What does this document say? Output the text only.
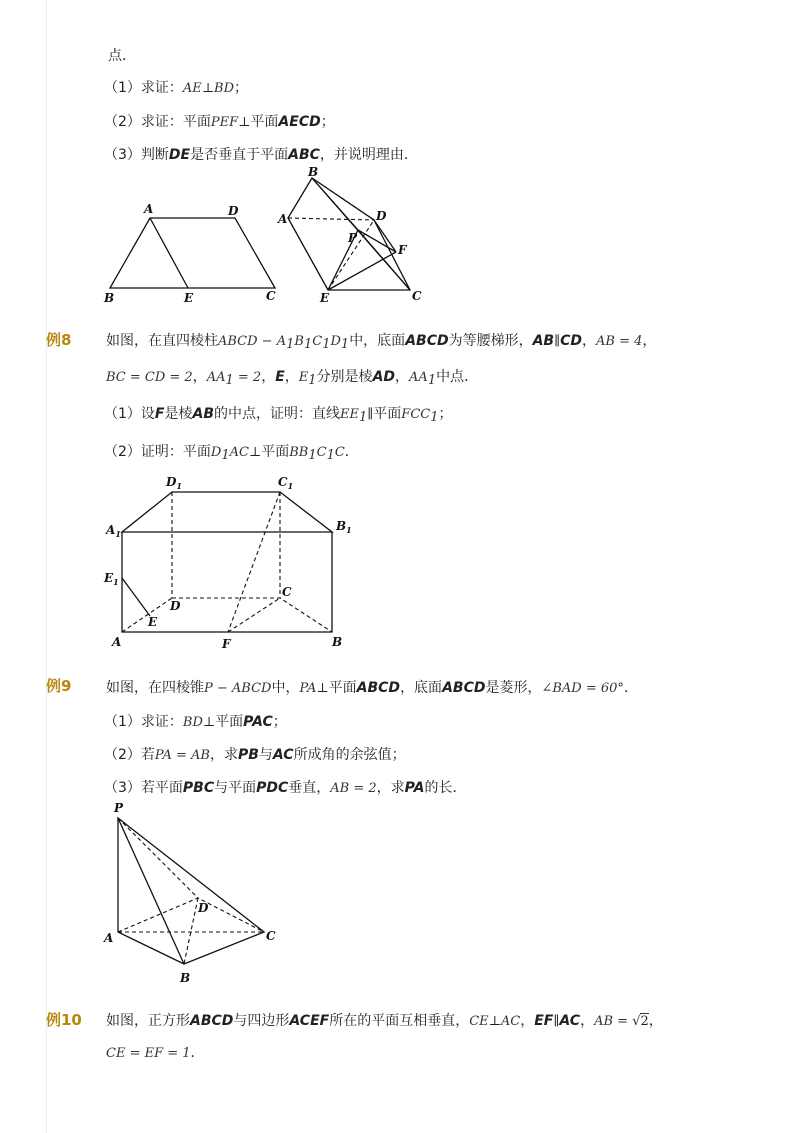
点．
（1）求证：AE⊥BD；
（2）求证：平面PEF⊥平面AECD；
（3）判断DE是否垂直于平面ABC，并说明理由．
A	D
B	E	C
B
A	D
P
F
E	C
例8 如图，在直四棱柱ABCD − $A_1B_1C_1D_1$中，底面ABCD为等腰梯形，AB∥CD，AB = 4，
BC = CD = 2，$AA_1 = 2$，E，$E_1$分别是棱AD，$AA_1$中点．
（1）设F是棱AB的中点，证明：直线$EE_1\parallel$平面$FCC_1$；
（2）证明：平面$D_1AC\perp$平面$BB_1C_1C$．
$D_1$	$C_1$
$A_1$
$B_1$
$E_1$
D
C
E
A	F	B
例9 如图，在四棱锥P − ABCD中，PA⊥平面ABCD，底面ABCD是菱形，∠BAD = 60°．
（1）求证：BD⊥平面PAC；
（2）若PA = AB，求PB与AC所成角的余弦值；
（3）若平面PBC与平面PDC垂直，AB = 2，求PA的长．
P
D
A	C
B
例10 如图，正方形ABCD与四边形ACEF所在的平面互相垂直，CE⊥AC，EF∥AC，AB = √2，
CE = EF = 1．
